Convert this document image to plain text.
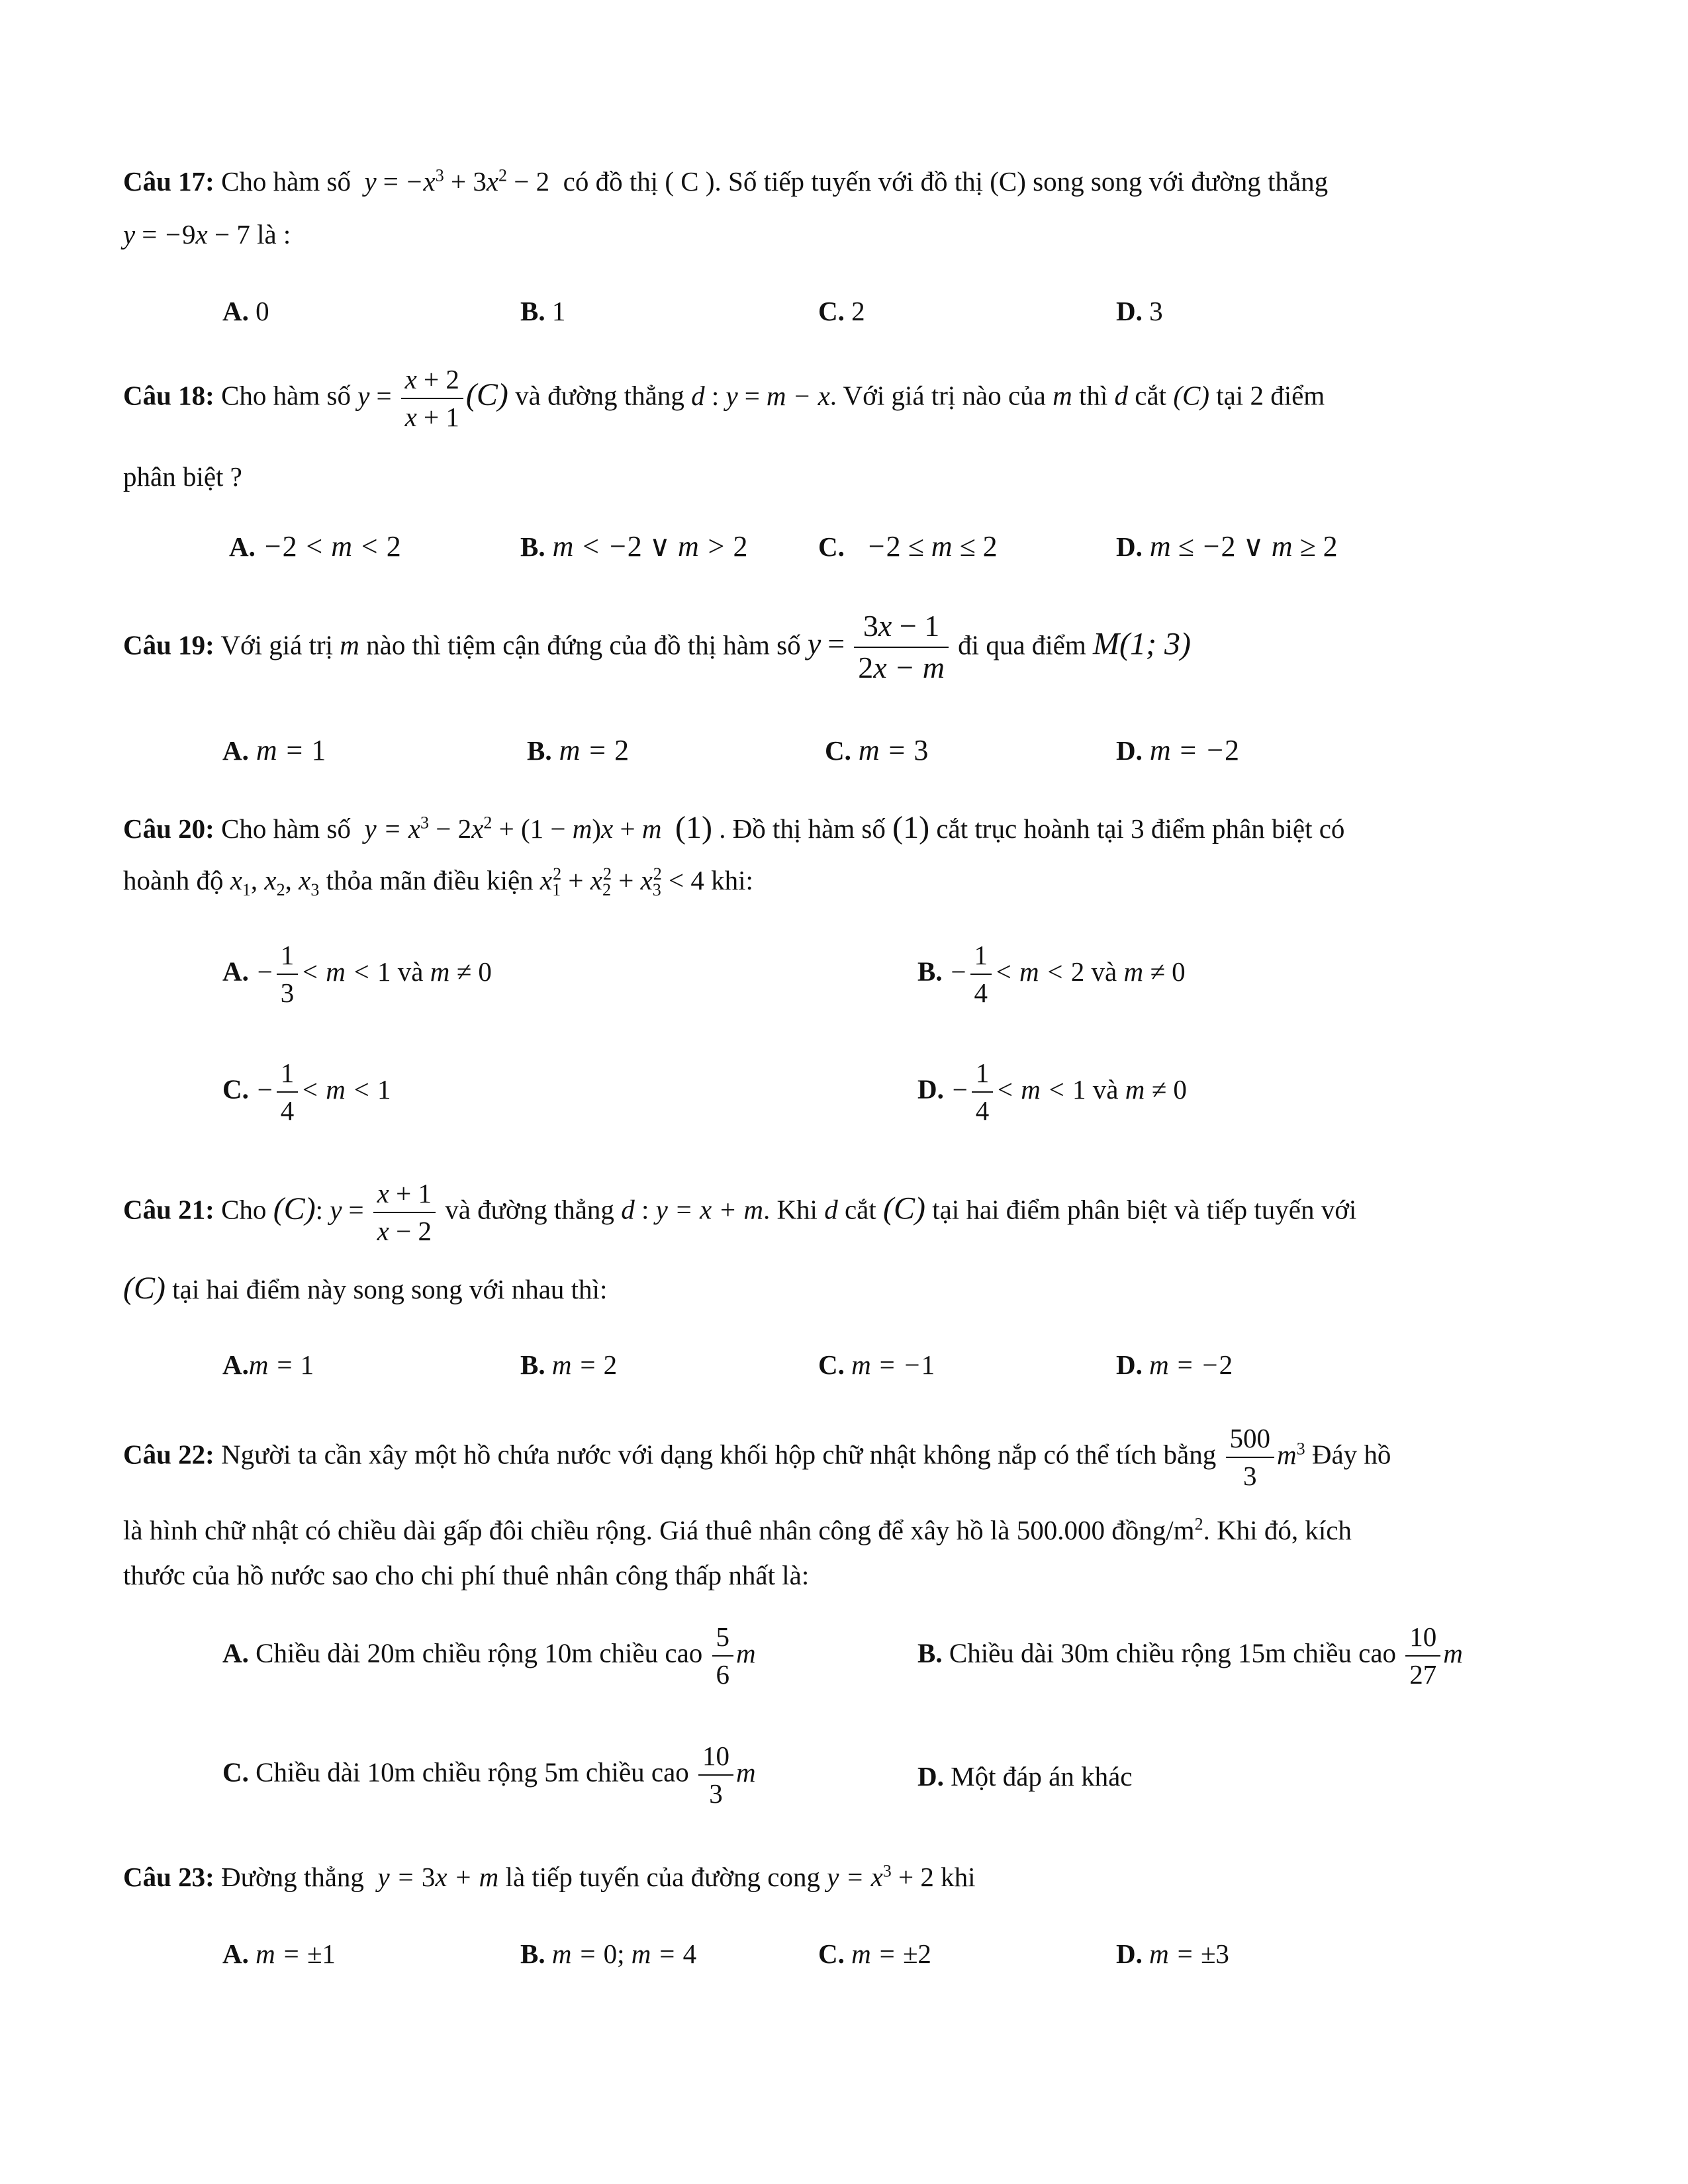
Câu 17: Cho hàm số  $y = -x^3 + 3x^2 - 2$  có đồ thị ( C ). Số tiếp tuyến với đồ thị (C) song song với đường thẳng
y = −9x − 7 là :
A. 0	B. 1	C. 2	D. 3
Câu 18: Cho hàm số $y = \frac{x + 2}{x + 1} (C)$ và đường thẳng d : y = m − x. Với giá trị nào của m thì d cắt (C) tại 2 điểm
phân biệt ?
A. −2 < m < 2	B. m < −2 ∨ m > 2	C. −2 ≤ m ≤ 2	D. m ≤ −2 ∨ m ≥ 2
Câu 19: Với giá trị m nào thì tiệm cận đứng của đồ thị hàm số $y = \frac{3x - 1}{2x - m}$ đi qua điểm M(1; 3)
A. m = 1	B. m = 2	C. m = 3	D. m = −2
Câu 20: Cho hàm số  $y = x^3 - 2x^2 + (1 - m)x + m$  (1) . Đồ thị hàm số (1) cắt trục hoành tại 3 điểm phân biệt có
hoành độ $x_1$, $x_2$, $x_3$ thỏa mãn điều kiện $x_1^2 + x_2^2 + x_3^2 < 4$ khi:
A. − $\frac{1}{3} < m < 1$ và m ≠ 0	B. − $\frac{1}{4} < m < 2$ và m ≠ 0
C. − $\frac{1}{4} < m < 1$	D. − $\frac{1}{4} < m < 1$ và m ≠ 0
Câu 21: Cho (C): $y = \frac{x + 1}{x - 2}$ và đường thẳng d : y = x + m. Khi d cắt (C) tại hai điểm phân biệt và tiếp tuyến với
(C) tại hai điểm này song song với nhau thì:
A.m = 1	B. m = 2	C. m = −1	D. m = −2
Câu 22: Người ta cần xây một hồ chứa nước với dạng khối hộp chữ nhật không nắp có thể tích bằng $\frac{500}{3} m^3$ Đáy hồ
là hình chữ nhật có chiều dài gấp đôi chiều rộng. Giá thuê nhân công để xây hồ là 500.000 đồng/$m^2$. Khi đó, kích
thước của hồ nước sao cho chi phí thuê nhân công thấp nhất là:
A. Chiều dài 20m chiều rộng 10m chiều cao $\frac{5}{6}$ m	B. Chiều dài 30m chiều rộng 15m chiều cao $\frac{10}{27}$ m
C. Chiều dài 10m chiều rộng 5m chiều cao $\frac{10}{3}$ m	D. Một đáp án khác
Câu 23: Đường thẳng  y = 3x + m là tiếp tuyến của đường cong $y = x^3 + 2$ khi
A. m = ±1	B. m = 0; m = 4	C. m = ±2	D. m = ±3
